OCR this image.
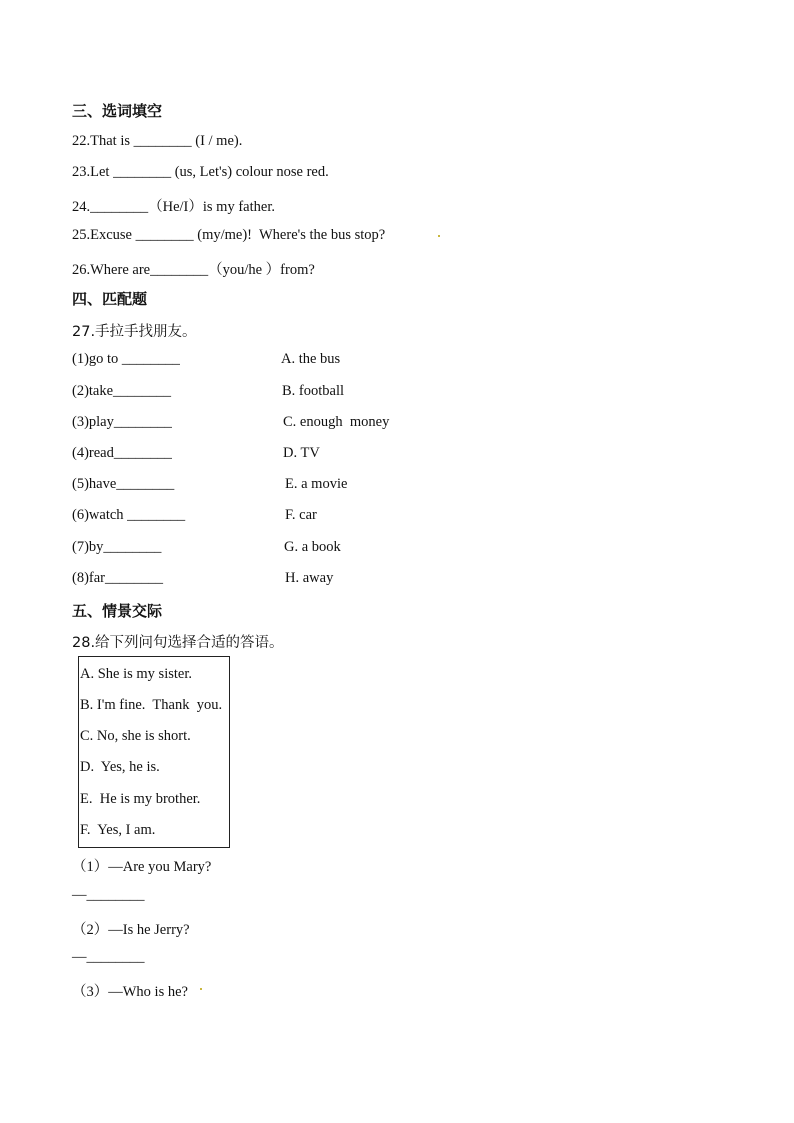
三、选词填空
22.That is ________ (I / me).
23.Let ________ (us, Let's) colour nose red.
24.________（He/I）is my father.
25.Excuse ________ (my/me)!  Where's the bus stop?
26.Where are________（you/he ）from?
四、匹配题
27.手拉手找朋友。
(1)go to ________	A. the bus
(2)take________	B. football
(3)play________	C. enough  money
(4)read________	D. TV
(5)have________	E. a movie
(6)watch ________	F. car
(7)by________	G. a book
(8)far________	H. away
五、情景交际
28.给下列问句选择合适的答语。
A. She is my sister.
B. I'm fine.  Thank  you.
C. No, she is short.
D.  Yes, he is.
E.  He is my brother.
F.  Yes, I am.
（1）—Are you Mary?
—________
（2）—Is he Jerry?
—________
（3）—Who is he?
